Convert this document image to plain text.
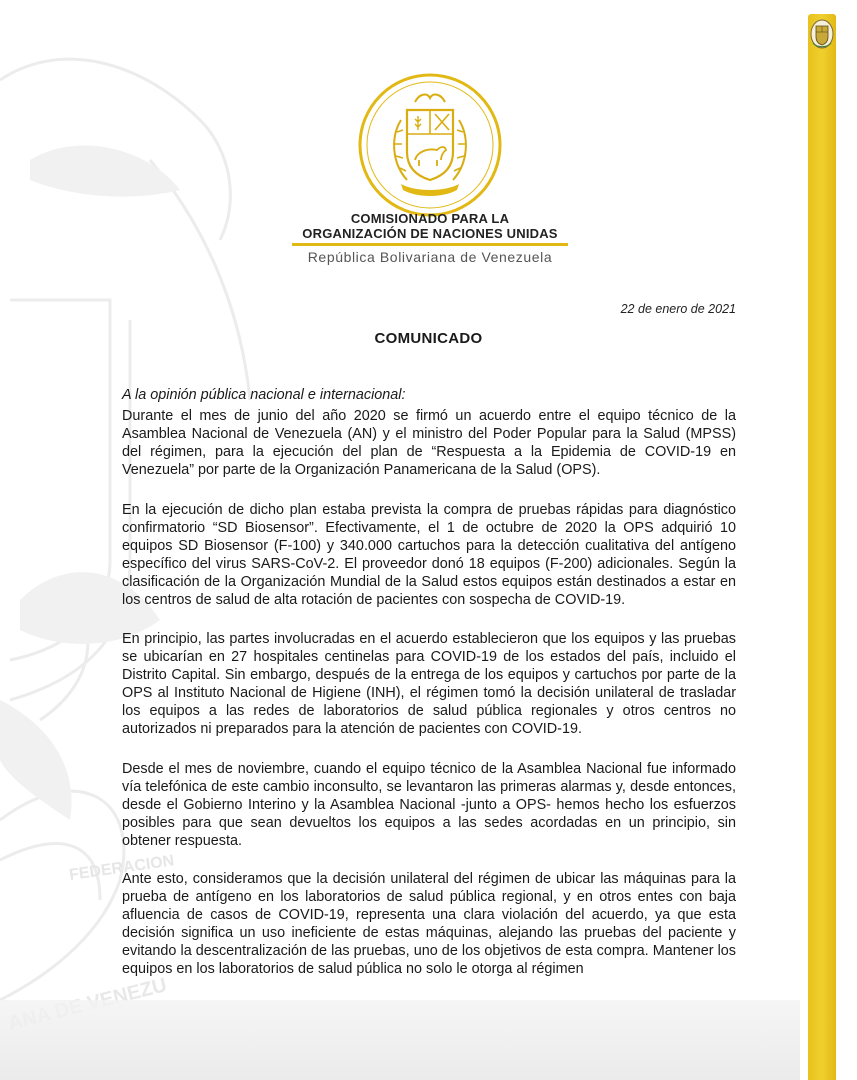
FEDERACION
COMISIONADO PARA LA
ORGANIZACIÓN DE NACIONES UNIDAS
República Bolivariana de Venezuela
22 de enero de 2021
COMUNICADO
A la opinión pública nacional e internacional:

Durante el mes de junio del año 2020 se firmó un acuerdo entre el equipo técnico de la Asamblea Nacional de Venezuela (AN) y el ministro del Poder Popular para la Salud (MPSS) del régimen, para la ejecución del plan de “Respuesta a la Epidemia de COVID-19 en Venezuela” por parte de la Organización Panamericana de la Salud (OPS).

En la ejecución de dicho plan estaba prevista la compra de pruebas rápidas para diagnóstico confirmatorio “SD Biosensor”. Efectivamente, el 1 de octubre de 2020 la OPS adquirió 10 equipos SD Biosensor (F-100) y 340.000 cartuchos para la detección cualitativa del antígeno específico del virus SARS-CoV-2. El proveedor donó 18 equipos (F-200) adicionales. Según la clasificación de la Organización Mundial de la Salud estos equipos están destinados a estar en los centros de salud de alta rotación de pacientes con sospecha de COVID-19.

En principio, las partes involucradas en el acuerdo establecieron que los equipos y las pruebas se ubicarían en 27 hospitales centinelas para COVID-19 de los estados del país, incluido el Distrito Capital. Sin embargo, después de la entrega de los equipos y cartuchos por parte de la OPS al Instituto Nacional de Higiene (INH), el régimen tomó la decisión unilateral de trasladar los equipos a las redes de laboratorios de salud pública regionales y otros centros no autorizados ni preparados para la atención de pacientes con COVID-19.

Desde el mes de noviembre, cuando el equipo técnico de la Asamblea Nacional fue informado vía telefónica de este cambio inconsulto, se levantaron las primeras alarmas y, desde entonces, desde el Gobierno Interino y la Asamblea Nacional -junto a OPS- hemos hecho los esfuerzos posibles para que sean devueltos los equipos a las sedes acordadas en un principio, sin obtener respuesta.

Ante esto, consideramos que la decisión unilateral del régimen de ubicar las máquinas para la prueba de antígeno en los laboratorios de salud pública regional, y en otros entes con baja afluencia de casos de COVID-19, representa una clara violación del acuerdo, ya que esta decisión significa un uso ineficiente de estas máquinas, alejando las pruebas del paciente y evitando la descentralización de las pruebas, uno de los objetivos de esta compra. Mantener los equipos en los laboratorios de salud pública no solo le otorga al régimen
